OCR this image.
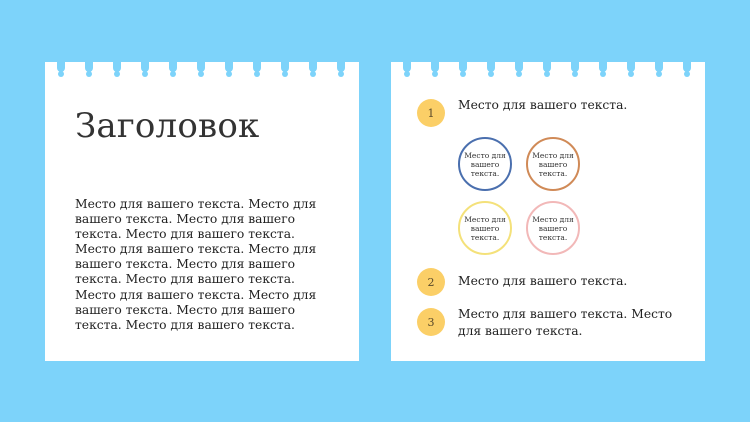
Заголовок
Место для вашего текста. Место для вашего текста. Место для вашего текста. Место для вашего текста. Место для вашего текста. Место для вашего текста. Место для вашего текста. Место для вашего текста. Место для вашего текста. Место для вашего текста. Место для вашего текста. Место для вашего текста.
1
Место для вашего текста.
Место для вашего текста.
Место для вашего текста.
Место для вашего текста.
Место для вашего текста.
2	Место для вашего текста.
3
Место для вашего текста. Место для вашего текста.
